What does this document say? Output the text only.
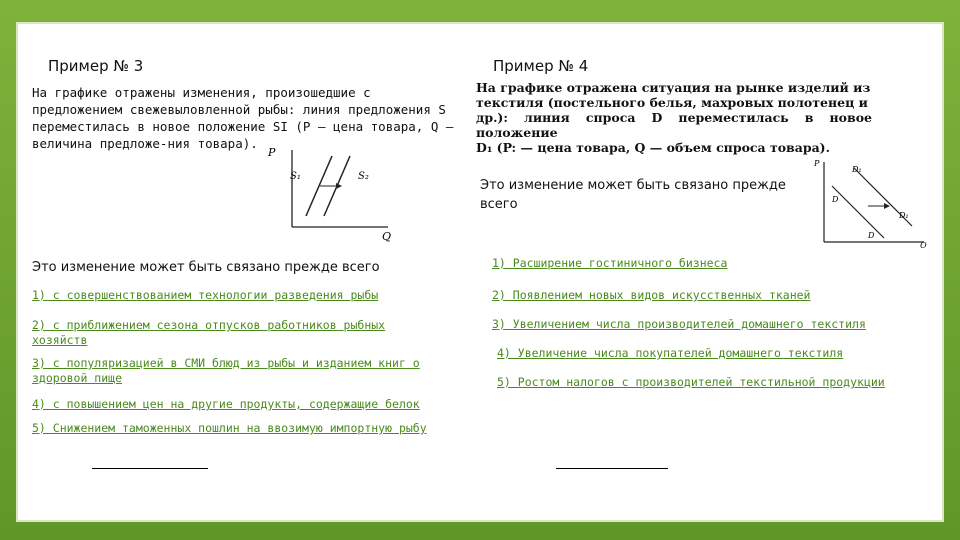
Пример № 3
На графике отражены изменения, произошедшие с
предложением свежевыловленной рыбы: линия предложения S
переместилась в новое положение SI (P — цена товара, Q —
величина предложе-ния товара).
P
Q
S₁	S₂
Это изменение может быть связано прежде всего
1) с совершенствованием технологии разведения рыбы
2) с приближением сезона отпусков работников рыбных хозяйств
3) с популяризацией в СМИ блюд из рыбы и изданием книг о здоровой пище
4) с повышением цен на другие продукты, содержащие белок
5) Снижением таможенных пошлин на ввозимую импортную рыбу
Пример № 4
На графике отражена ситуация на рынке изделий из
текстиля (постельного белья, махровых полотенец и
др.): линия спроса D переместилась в новое положение
D₁ (P: — цена товара, Q — объем спроса товара).
Это изменение может быть связано прежде
всего
P
Q
D₁
D
D₁
D
1) Расширение гостиничного бизнеса
2) Появлением новых видов искусственных тканей
3) Увеличением числа производителей домашнего текстиля
4) Увеличение числа покупателей домашнего текстиля
5) Ростом налогов с производителей текстильной продукции
